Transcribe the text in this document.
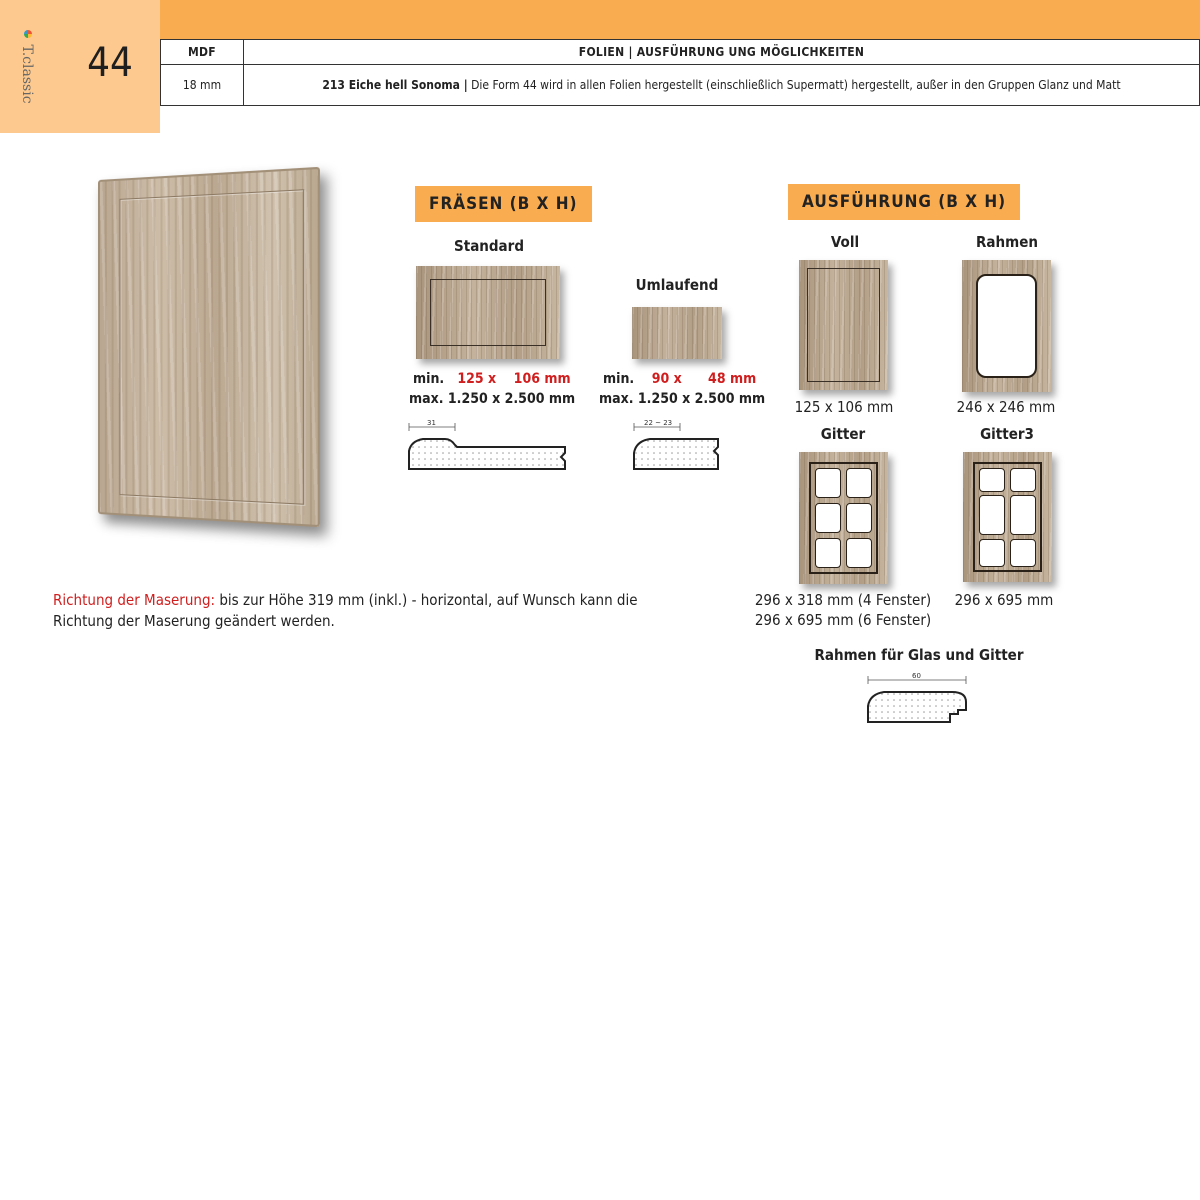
T.classic	44	MDF	FOLIEN | AUSFÜHRUNG UNG MÖGLICHKEITEN
18 mm	213 Eiche hell Sonoma | Die Form 44 wird in allen Folien hergestellt (einschließlich Supermatt) hergestellt, außer in den Gruppen Glanz und Matt
FRÄSEN (B X H)
Standard
min. 125 x    106 mm
max. 1.250 x 2.500 mm
31
Umlaufend
min. 90 x      48 mm
max. 1.250 x 2.500 mm
22 ~ 23
AUSFÜHRUNG (B X H)
Voll
125 x 106 mm
Rahmen
246 x 246 mm
Gitter
296 x 318 mm (4 Fenster)
296 x 695 mm (6 Fenster)
Gitter3
296 x 695 mm
Rahmen für Glas und Gitter
60
Richtung der Maserung: bis zur Höhe 319 mm (inkl.) - horizontal, auf Wunsch kann die Richtung der Maserung geändert werden.
